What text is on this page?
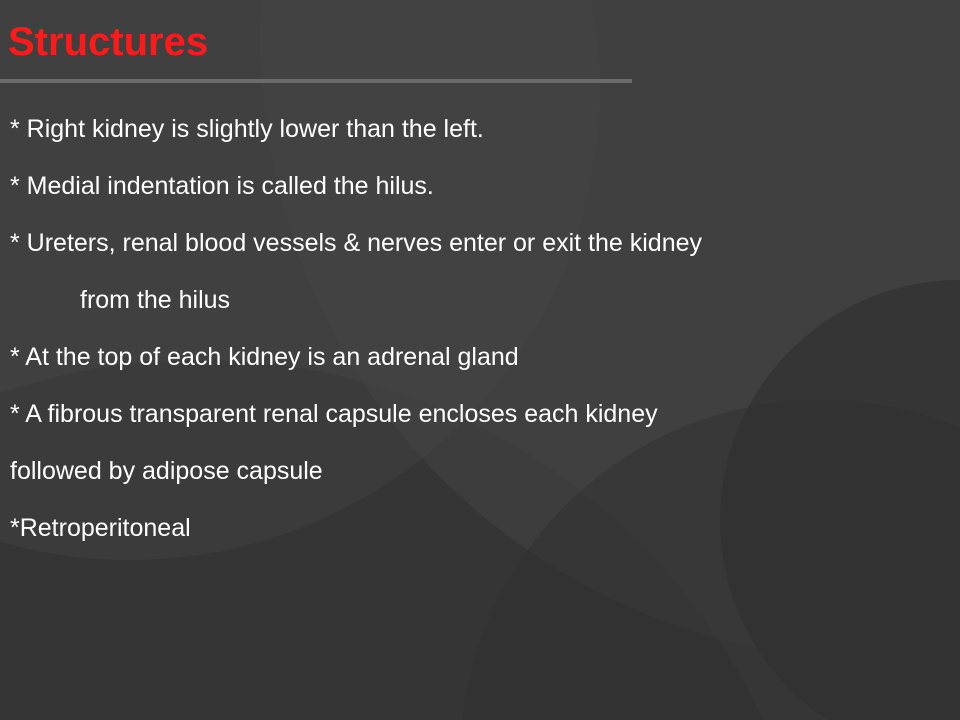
Structures
* Right kidney is slightly lower than the left.
* Medial indentation is called the hilus.
* Ureters, renal blood vessels & nerves enter or exit the kidney
from the hilus
* At the top of each kidney is an adrenal gland
* A fibrous transparent renal capsule encloses each kidney
followed by adipose capsule
*Retroperitoneal
